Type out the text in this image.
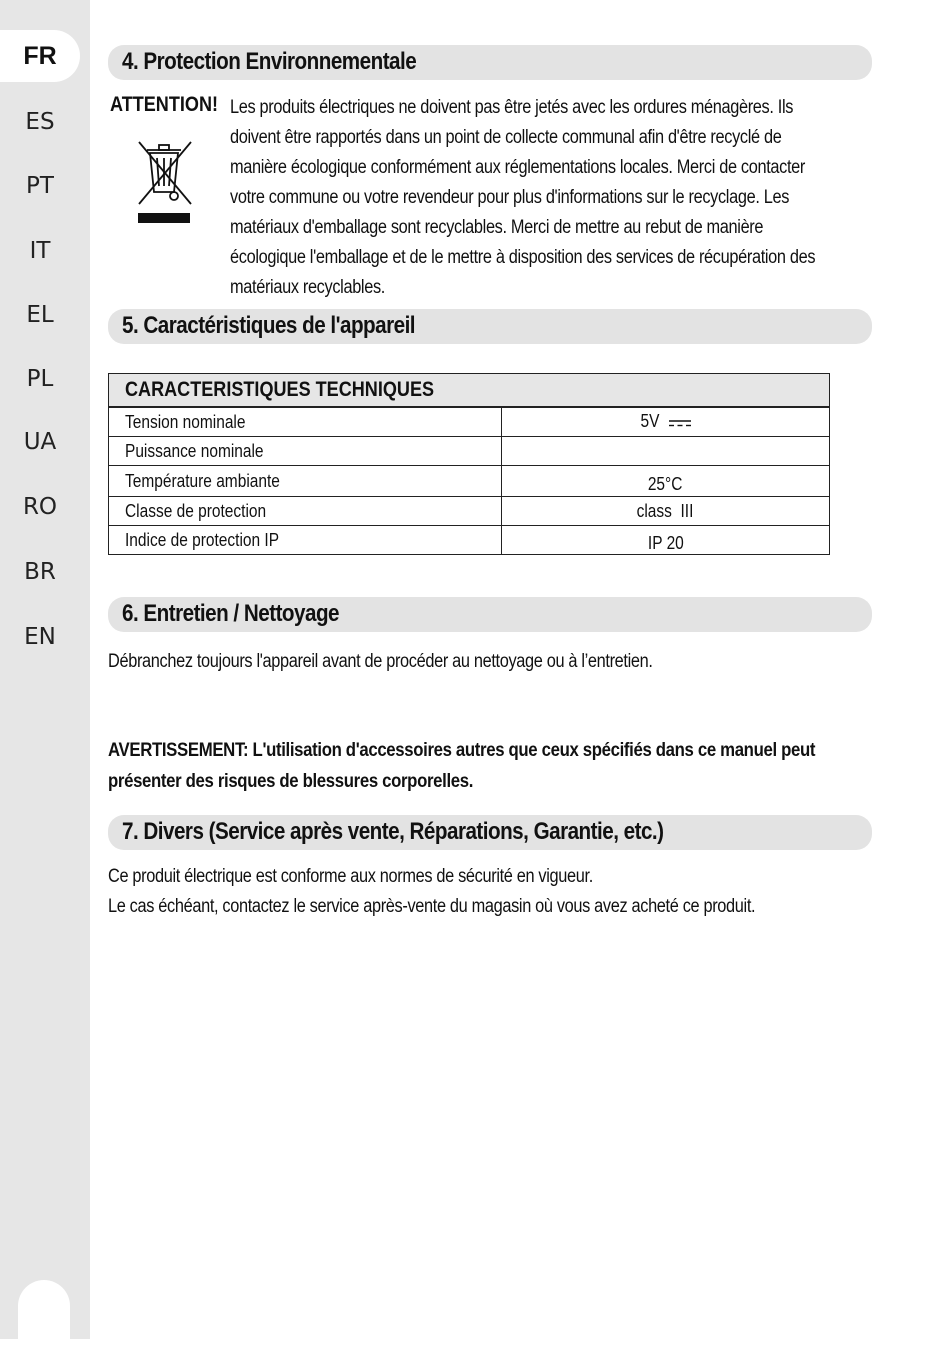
FR
ES
PT
IT
EL
PL
UA
RO
BR
EN
4. Protection Environnementale
ATTENTION! Les produits électriques ne doivent pas être jetés avec les ordures ménagères. Ils
doivent être rapportés dans un point de collecte communal afin d'être recyclé de
manière écologique conformément aux réglementations locales. Merci de contacter
votre commune ou votre revendeur pour plus d'informations sur le recyclage. Les
matériaux d'emballage sont recyclables. Merci de mettre au rebut de manière
écologique l'emballage et de le mettre à disposition des services de récupération des
matériaux recyclables.
5. Caractéristiques de l'appareil
CARACTERISTIQUES TECHNIQUES	
Tension nominale	5V
Puissance nominale	
Température ambiante	25°C
Classe de protection	class  III
Indice de protection IP	IP 20
6. Entretien / Nettoyage
Débranchez toujours l'appareil avant de procéder au nettoyage ou à l’entretien.
AVERTISSEMENT: L'utilisation d'accessoires autres que ceux spécifiés dans ce manuel peut
présenter des risques de blessures corporelles.
7. Divers (Service après vente, Réparations, Garantie, etc.)
Ce produit électrique est conforme aux normes de sécurité en vigueur.
Le cas échéant, contactez le service après-vente du magasin où vous avez acheté ce produit.
